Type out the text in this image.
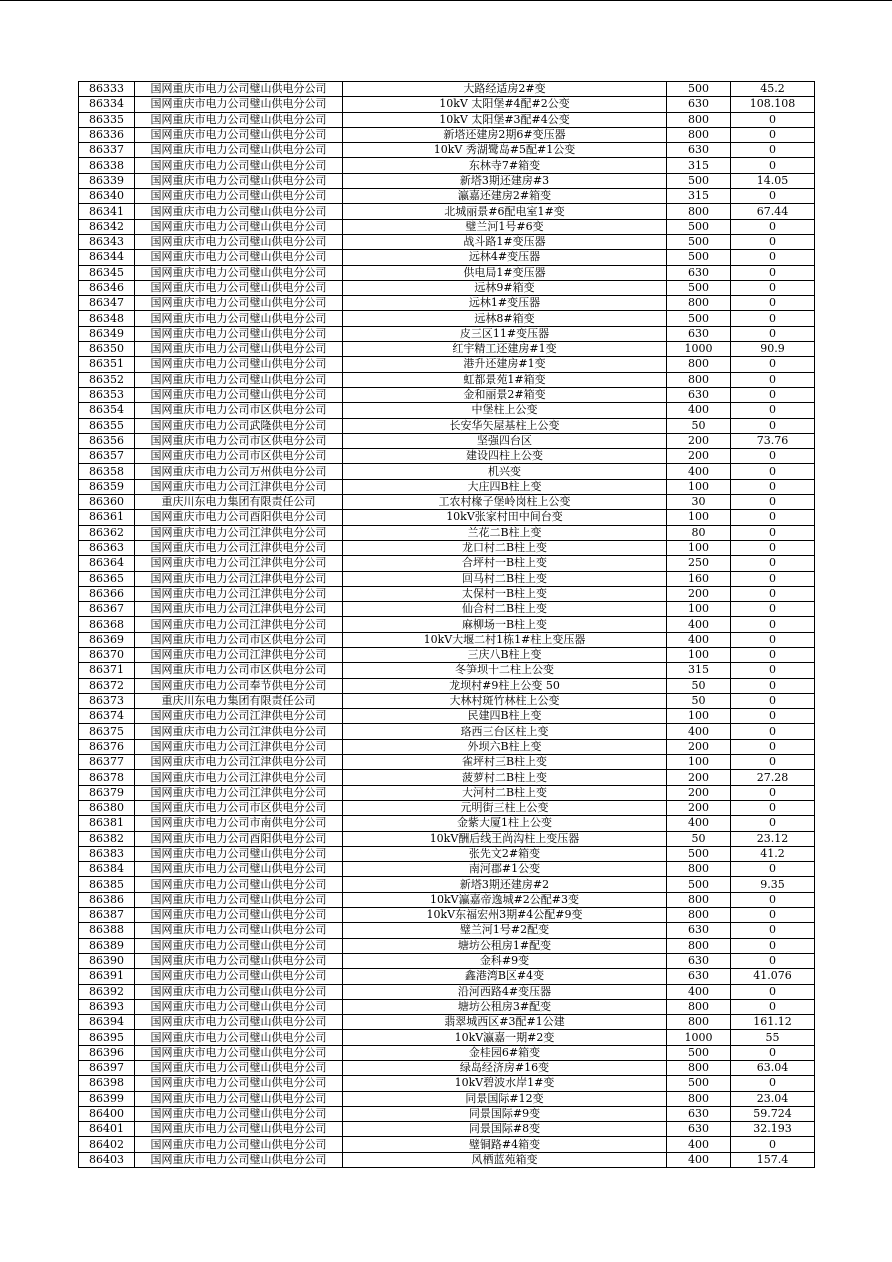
86333	国网重庆市电力公司璧山供电分公司	大路经适房2#变	500	45.2
86334	国网重庆市电力公司璧山供电分公司	10kV 太阳堡#4配#2公变	630	108.108
86335	国网重庆市电力公司璧山供电分公司	10kV 太阳堡#3配#4公变	800	0
86336	国网重庆市电力公司璧山供电分公司	新塔还建房2期6#变压器	800	0
86337	国网重庆市电力公司璧山供电分公司	10kV 秀湖鹭岛#5配#1公变	630	0
86338	国网重庆市电力公司璧山供电分公司	东林寺7#箱变	315	0
86339	国网重庆市电力公司璧山供电分公司	新塔3期还建房#3	500	14.05
86340	国网重庆市电力公司璧山供电分公司	瀛嘉还建房2#箱变	315	0
86341	国网重庆市电力公司璧山供电分公司	北城丽景#6配电室1#变	800	67.44
86342	国网重庆市电力公司璧山供电分公司	璧兰河1号#6变	500	0
86343	国网重庆市电力公司璧山供电分公司	战斗路1#变压器	500	0
86344	国网重庆市电力公司璧山供电分公司	远林4#变压器	500	0
86345	国网重庆市电力公司璧山供电分公司	供电局1#变压器	630	0
86346	国网重庆市电力公司璧山供电分公司	远林9#箱变	500	0
86347	国网重庆市电力公司璧山供电分公司	远林1#变压器	800	0
86348	国网重庆市电力公司璧山供电分公司	远林8#箱变	500	0
86349	国网重庆市电力公司璧山供电分公司	皮三区11#变压器	630	0
86350	国网重庆市电力公司璧山供电分公司	红宇精工还建房#1变	1000	90.9
86351	国网重庆市电力公司璧山供电分公司	港升还建房#1变	800	0
86352	国网重庆市电力公司璧山供电分公司	虹都景苑1#箱变	800	0
86353	国网重庆市电力公司璧山供电分公司	金和丽景2#箱变	630	0
86354	国网重庆市电力公司市区供电分公司	中堡柱上公变	400	0
86355	国网重庆市电力公司武隆供电分公司	长安华矢屋基柱上公变	50	0
86356	国网重庆市电力公司市区供电分公司	坚强四台区	200	73.76
86357	国网重庆市电力公司市区供电分公司	建设四柱上公变	200	0
86358	国网重庆市电力公司万州供电分公司	机兴变	400	0
86359	国网重庆市电力公司江津供电分公司	大庄四B柱上变	100	0
86360	重庆川东电力集团有限责任公司	工农村椽子堡岭岗柱上公变	30	0
86361	国网重庆市电力公司酉阳供电分公司	10kV张家村田中间台变	100	0
86362	国网重庆市电力公司江津供电分公司	兰花二B柱上变	80	0
86363	国网重庆市电力公司江津供电分公司	龙口村二B柱上变	100	0
86364	国网重庆市电力公司江津供电分公司	合坪村一B柱上变	250	0
86365	国网重庆市电力公司江津供电分公司	回马村二B柱上变	160	0
86366	国网重庆市电力公司江津供电分公司	太保村一B柱上变	200	0
86367	国网重庆市电力公司江津供电分公司	仙合村二B柱上变	100	0
86368	国网重庆市电力公司江津供电分公司	麻柳场一B柱上变	400	0
86369	国网重庆市电力公司市区供电分公司	10kV大堰二村1栋1#柱上变压器	400	0
86370	国网重庆市电力公司江津供电分公司	三庆八B柱上变	100	0
86371	国网重庆市电力公司市区供电分公司	冬笋坝十二柱上公变	315	0
86372	国网重庆市电力公司奉节供电分公司	龙坝村#9柱上公变 50	50	0
86373	重庆川东电力集团有限责任公司	大林村斑竹林柱上公变	50	0
86374	国网重庆市电力公司江津供电分公司	民建四B柱上变	100	0
86375	国网重庆市电力公司江津供电分公司	珞西三台区柱上变	400	0
86376	国网重庆市电力公司江津供电分公司	外坝六B柱上变	200	0
86377	国网重庆市电力公司江津供电分公司	雀坪村三B柱上变	100	0
86378	国网重庆市电力公司江津供电分公司	菠萝村二B柱上变	200	27.28
86379	国网重庆市电力公司江津供电分公司	大河村二B柱上变	200	0
86380	国网重庆市电力公司市区供电分公司	元明街三柱上公变	200	0
86381	国网重庆市电力公司市南供电分公司	金紫大厦1柱上公变	400	0
86382	国网重庆市电力公司酉阳供电分公司	10kV酬后线王尚沟柱上变压器	50	23.12
86383	国网重庆市电力公司璧山供电分公司	张先文2#箱变	500	41.2
86384	国网重庆市电力公司璧山供电分公司	南河郡#1公变	800	0
86385	国网重庆市电力公司璧山供电分公司	新塔3期还建房#2	500	9.35
86386	国网重庆市电力公司璧山供电分公司	10kV瀛嘉帝逸城#2公配#3变	800	0
86387	国网重庆市电力公司璧山供电分公司	10kV东福宏州3期#4公配#9变	800	0
86388	国网重庆市电力公司璧山供电分公司	璧兰河1号#2配变	630	0
86389	国网重庆市电力公司璧山供电分公司	塘坊公租房1#配变	800	0
86390	国网重庆市电力公司璧山供电分公司	金科#9变	630	0
86391	国网重庆市电力公司璧山供电分公司	鑫港湾B区#4变	630	41.076
86392	国网重庆市电力公司璧山供电分公司	沿河西路4#变压器	400	0
86393	国网重庆市电力公司璧山供电分公司	塘坊公租房3#配变	800	0
86394	国网重庆市电力公司璧山供电分公司	翡翠城西区#3配#1公建	800	161.12
86395	国网重庆市电力公司璧山供电分公司	10kV瀛嘉一期#2变	1000	55
86396	国网重庆市电力公司璧山供电分公司	金桂园6#箱变	500	0
86397	国网重庆市电力公司璧山供电分公司	绿岛经济房#16变	800	63.04
86398	国网重庆市电力公司璧山供电分公司	10kV碧波水岸1#变	500	0
86399	国网重庆市电力公司璧山供电分公司	同景国际#12变	800	23.04
86400	国网重庆市电力公司璧山供电分公司	同景国际#9变	630	59.724
86401	国网重庆市电力公司璧山供电分公司	同景国际#8变	630	32.193
86402	国网重庆市电力公司璧山供电分公司	璧铜路#4箱变	400	0
86403	国网重庆市电力公司璧山供电分公司	风栖蓝苑箱变	400	157.4
